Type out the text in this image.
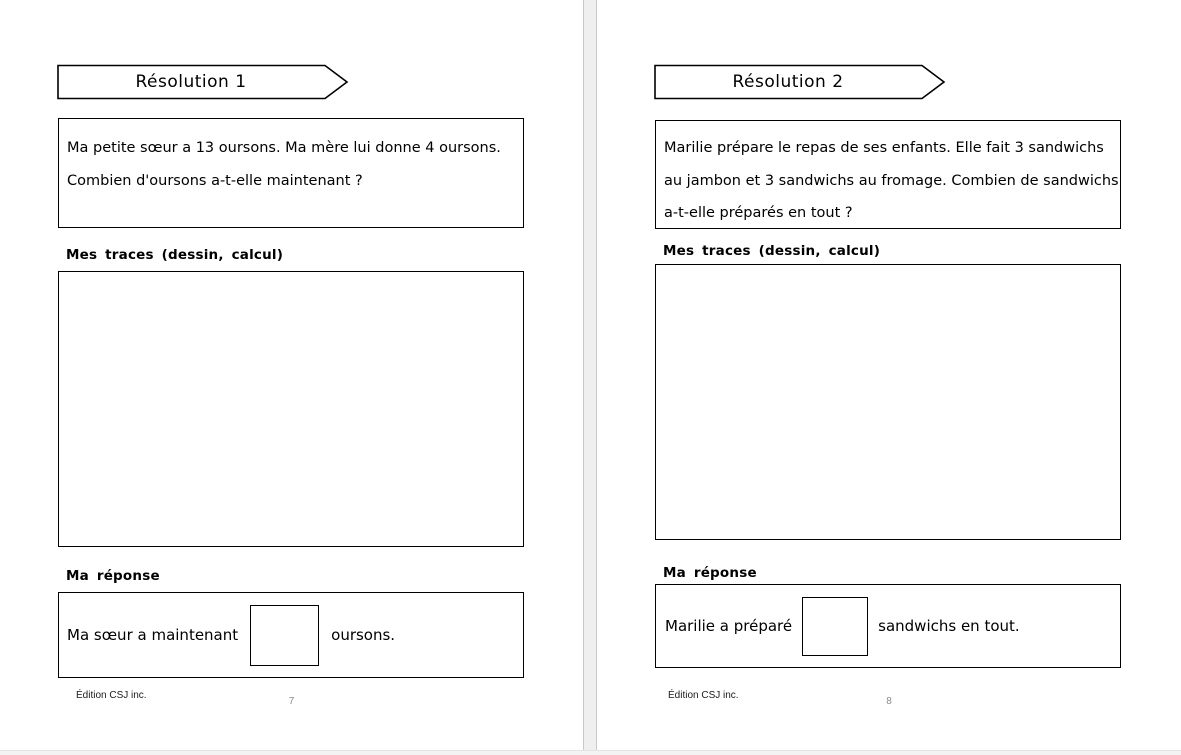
Résolution 1
Ma petite sœur a 13 oursons. Ma mère lui donne 4 oursons.
Combien d'oursons a-t-elle maintenant ?
Mes traces (dessin, calcul)
Ma réponse
Ma sœur a maintenant	oursons.
Édition CSJ inc.
7
Résolution 2
Marilie prépare le repas de ses enfants. Elle fait 3 sandwichs
au jambon et 3 sandwichs au fromage. Combien de sandwichs
a-t-elle préparés en tout ?
Mes traces (dessin, calcul)
Ma réponse
Marilie a préparé	sandwichs en tout.
Édition CSJ inc.
8
